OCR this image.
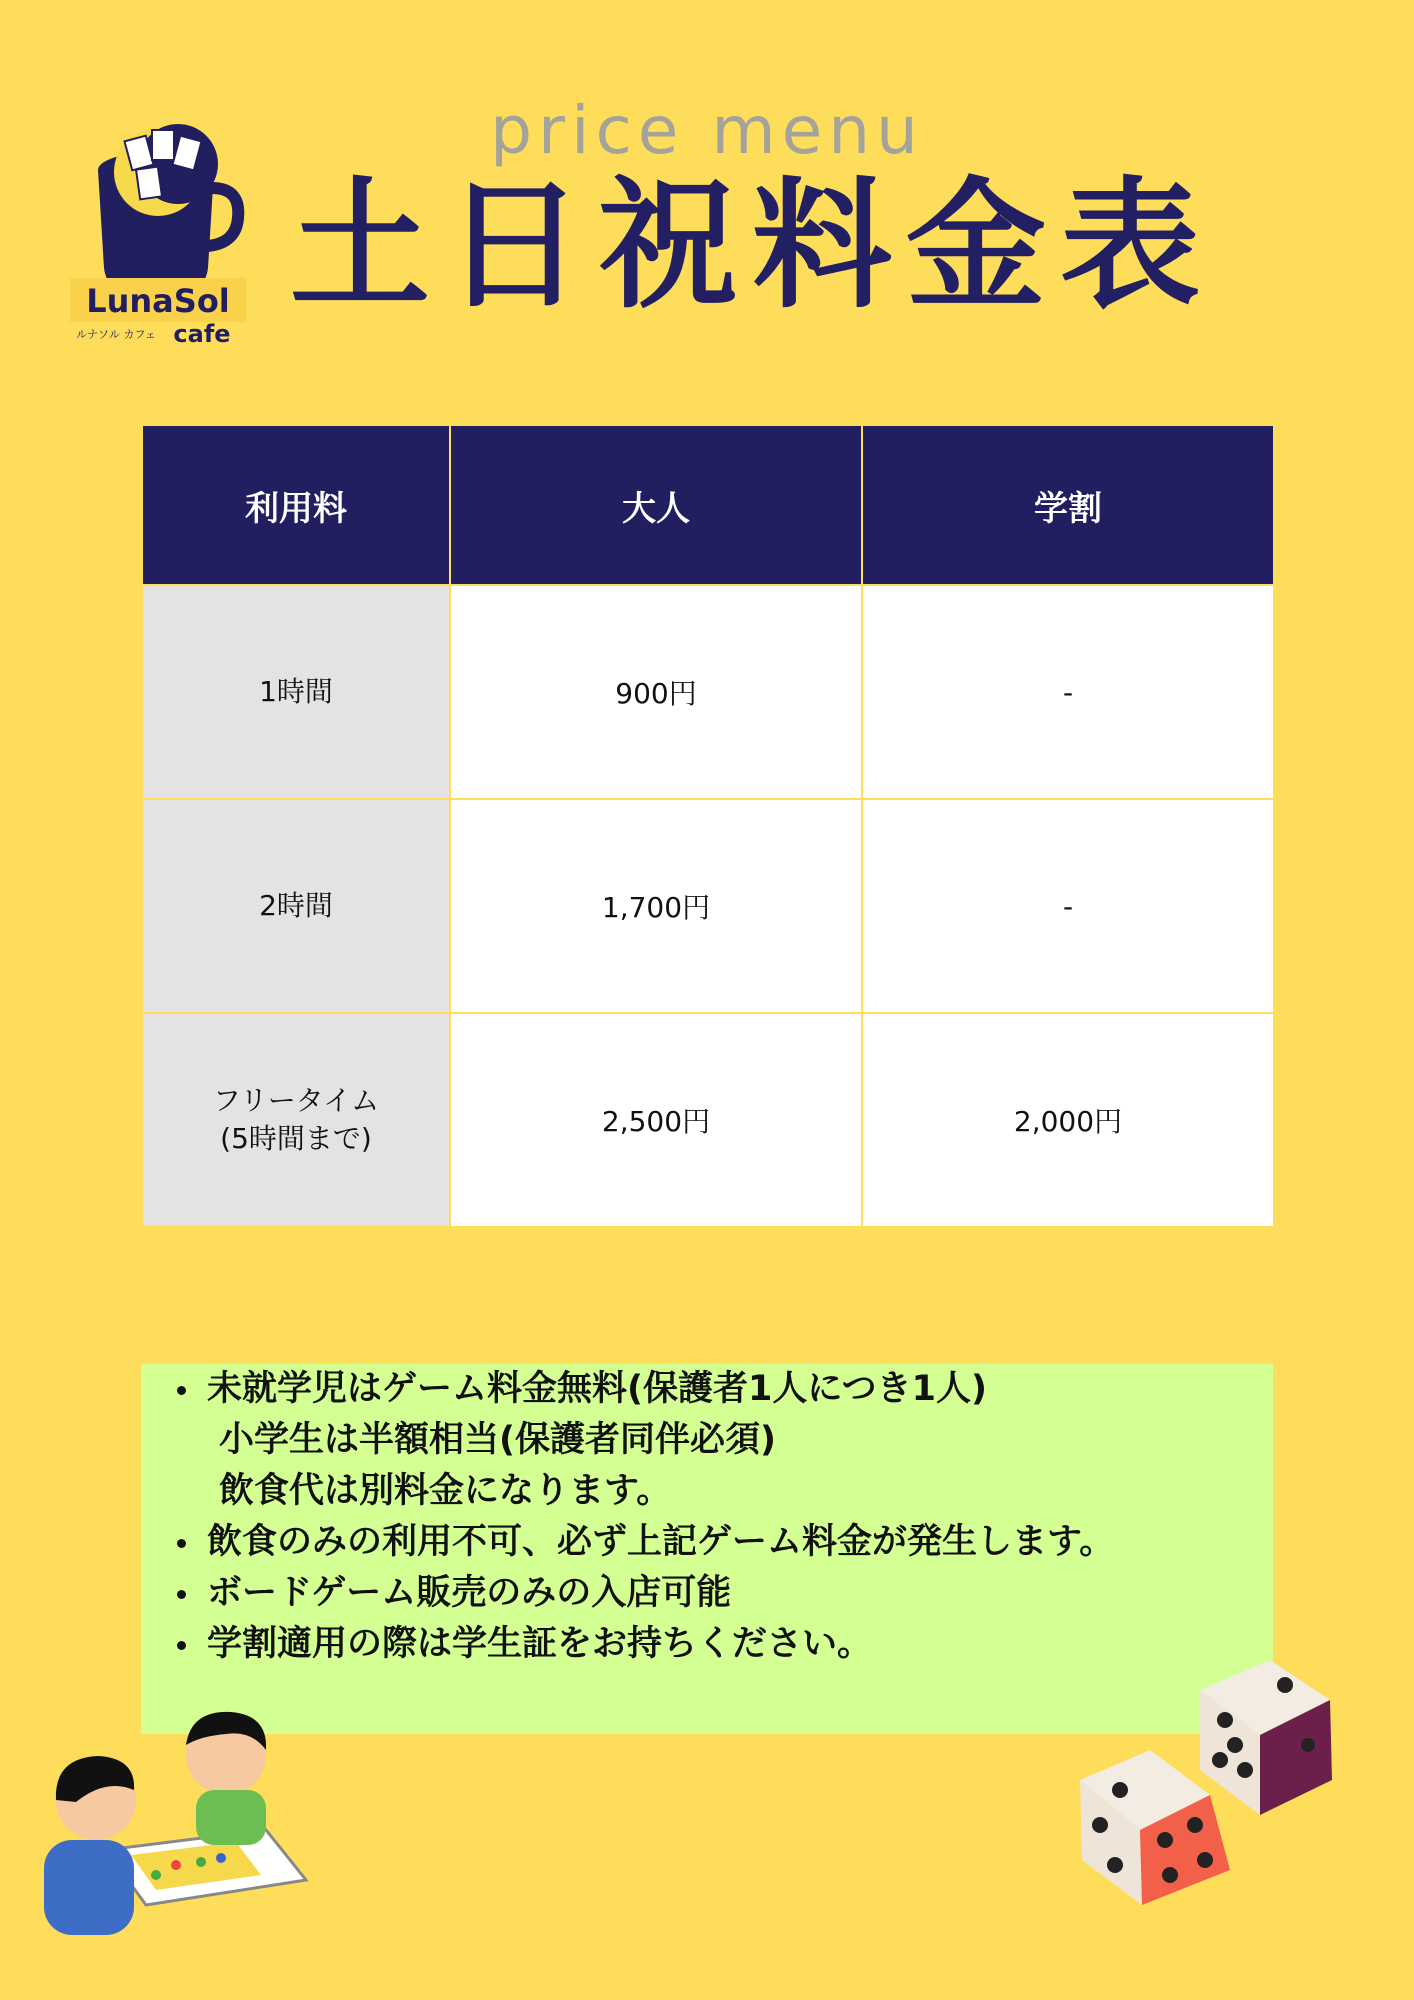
price menu
土日祝料金表
LunaSol
ルナソル カフェ cafe
利用料	大人	学割
1時間	900円	-
2時間	1,700円	-
フリータイム
(5時間まで)	2,500円	2,000円
未就学児はゲーム料金無料(保護者1人につき1人)
小学生は半額相当(保護者同伴必須)
飲食代は別料金になります。
飲食のみの利用不可、必ず上記ゲーム料金が発生します。
ボードゲーム販売のみの入店可能
学割適用の際は学生証をお持ちください。
